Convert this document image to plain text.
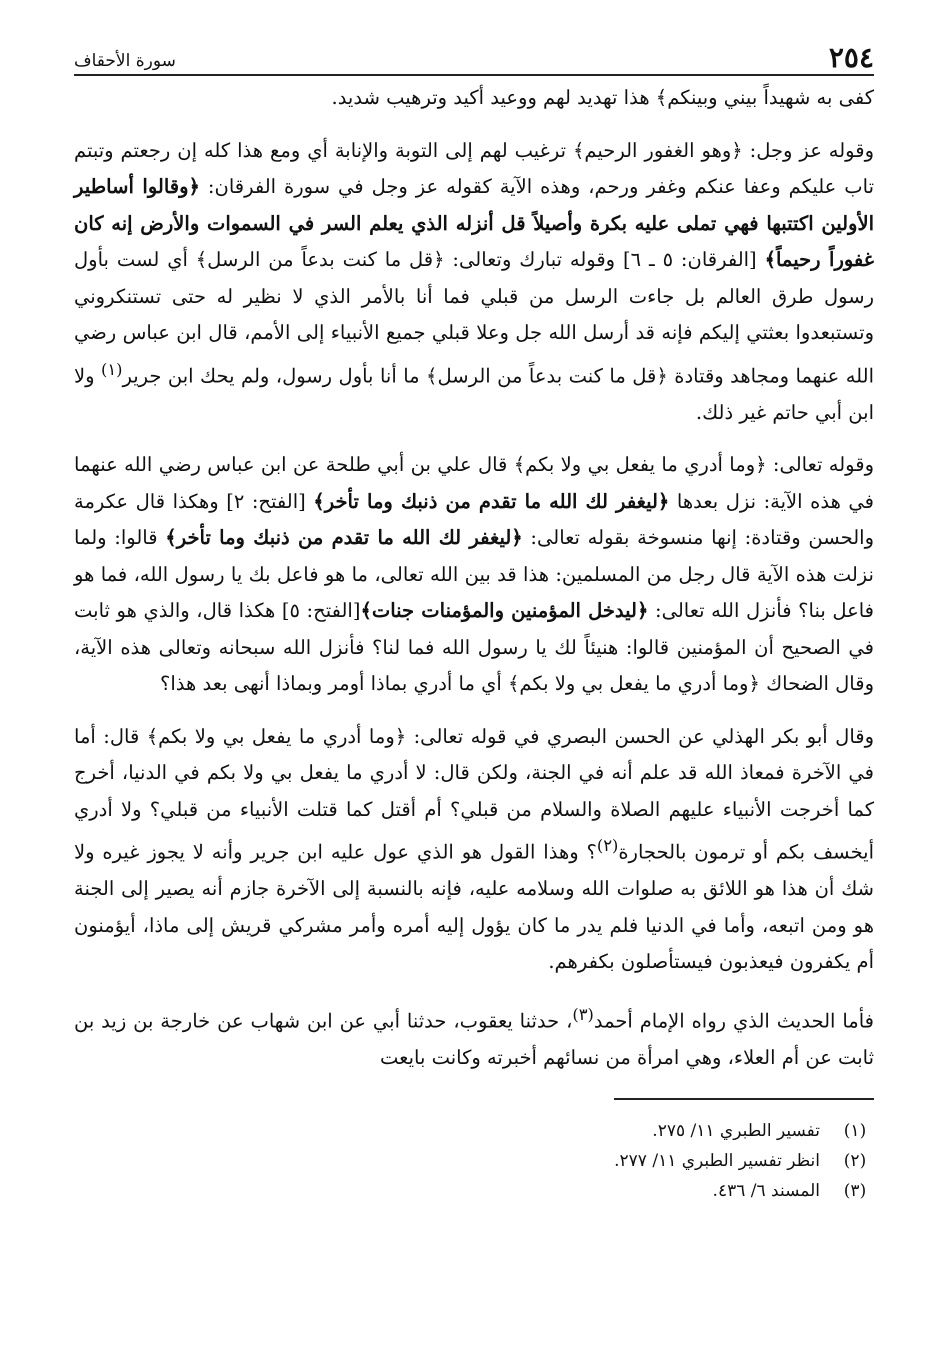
٢٥٤
سورة الأحقاف

كفى به شهيداً بيني وبينكم﴾ هذا تهديد لهم ووعيد أكيد وترهيب شديد.

وقوله عز وجل: ﴿وهو الغفور الرحيم﴾ ترغيب لهم إلى التوبة والإنابة أي ومع هذا كله إن رجعتم وتبتم تاب عليكم وعفا عنكم وغفر ورحم، وهذه الآية كقوله عز وجل في سورة الفرقان: ﴿وقالوا أساطير الأولين اكتتبها فهي تملى عليه بكرة وأصيلاً قل أنزله الذي يعلم السر في السموات والأرض إنه كان غفوراً رحيماً﴾ [الفرقان: ٥ ـ ٦] وقوله تبارك وتعالى: ﴿قل ما كنت بدعاً من الرسل﴾ أي لست بأول رسول طرق العالم بل جاءت الرسل من قبلي فما أنا بالأمر الذي لا نظير له حتى تستنكروني وتستبعدوا بعثتي إليكم فإنه قد أرسل الله جل وعلا قبلي جميع الأنبياء إلى الأمم، قال ابن عباس رضي الله عنهما ومجاهد وقتادة ﴿قل ما كنت بدعاً من الرسل﴾ ما أنا بأول رسول، ولم يحك ابن جرير$^{(١)}$ ولا ابن أبي حاتم غير ذلك.

وقوله تعالى: ﴿وما أدري ما يفعل بي ولا بكم﴾ قال علي بن أبي طلحة عن ابن عباس رضي الله عنهما في هذه الآية: نزل بعدها ﴿ليغفر لك الله ما تقدم من ذنبك وما تأخر﴾ [الفتح: ٢] وهكذا قال عكرمة والحسن وقتادة: إنها منسوخة بقوله تعالى: ﴿ليغفر لك الله ما تقدم من ذنبك وما تأخر﴾ قالوا: ولما نزلت هذه الآية قال رجل من المسلمين: هذا قد بين الله تعالى، ما هو فاعل بك يا رسول الله، فما هو فاعل بنا؟ فأنزل الله تعالى: ﴿ليدخل المؤمنين والمؤمنات جنات﴾[الفتح: ٥] هكذا قال، والذي هو ثابت في الصحيح أن المؤمنين قالوا: هنيئاً لك يا رسول الله فما لنا؟ فأنزل الله سبحانه وتعالى هذه الآية، وقال الضحاك ﴿وما أدري ما يفعل بي ولا بكم﴾ أي ما أدري بماذا أومر وبماذا أنهى بعد هذا؟

وقال أبو بكر الهذلي عن الحسن البصري في قوله تعالى: ﴿وما أدري ما يفعل بي ولا بكم﴾ قال: أما في الآخرة فمعاذ الله قد علم أنه في الجنة، ولكن قال: لا أدري ما يفعل بي ولا بكم في الدنيا، أخرج كما أخرجت الأنبياء عليهم الصلاة والسلام من قبلي؟ أم أقتل كما قتلت الأنبياء من قبلي؟ ولا أدري أيخسف بكم أو ترمون بالحجارة$^{(٢)}$؟ وهذا القول هو الذي عول عليه ابن جرير وأنه لا يجوز غيره ولا شك أن هذا هو اللائق به صلوات الله وسلامه عليه، فإنه بالنسبة إلى الآخرة جازم أنه يصير إلى الجنة هو ومن اتبعه، وأما في الدنيا فلم يدر ما كان يؤول إليه أمره وأمر مشركي قريش إلى ماذا، أيؤمنون أم يكفرون فيعذبون فيستأصلون بكفرهم.

فأما الحديث الذي رواه الإمام أحمد$^{(٣)}$، حدثنا يعقوب، حدثنا أبي عن ابن شهاب عن خارجة بن زيد بن ثابت عن أم العلاء، وهي امرأة من نسائهم أخبرته وكانت بايعت

(١)
تفسير الطبري ١١/ ٢٧٥.
(٢)
انظر تفسير الطبري ١١/ ٢٧٧.
(٣)
المسند ٦/ ٤٣٦.
